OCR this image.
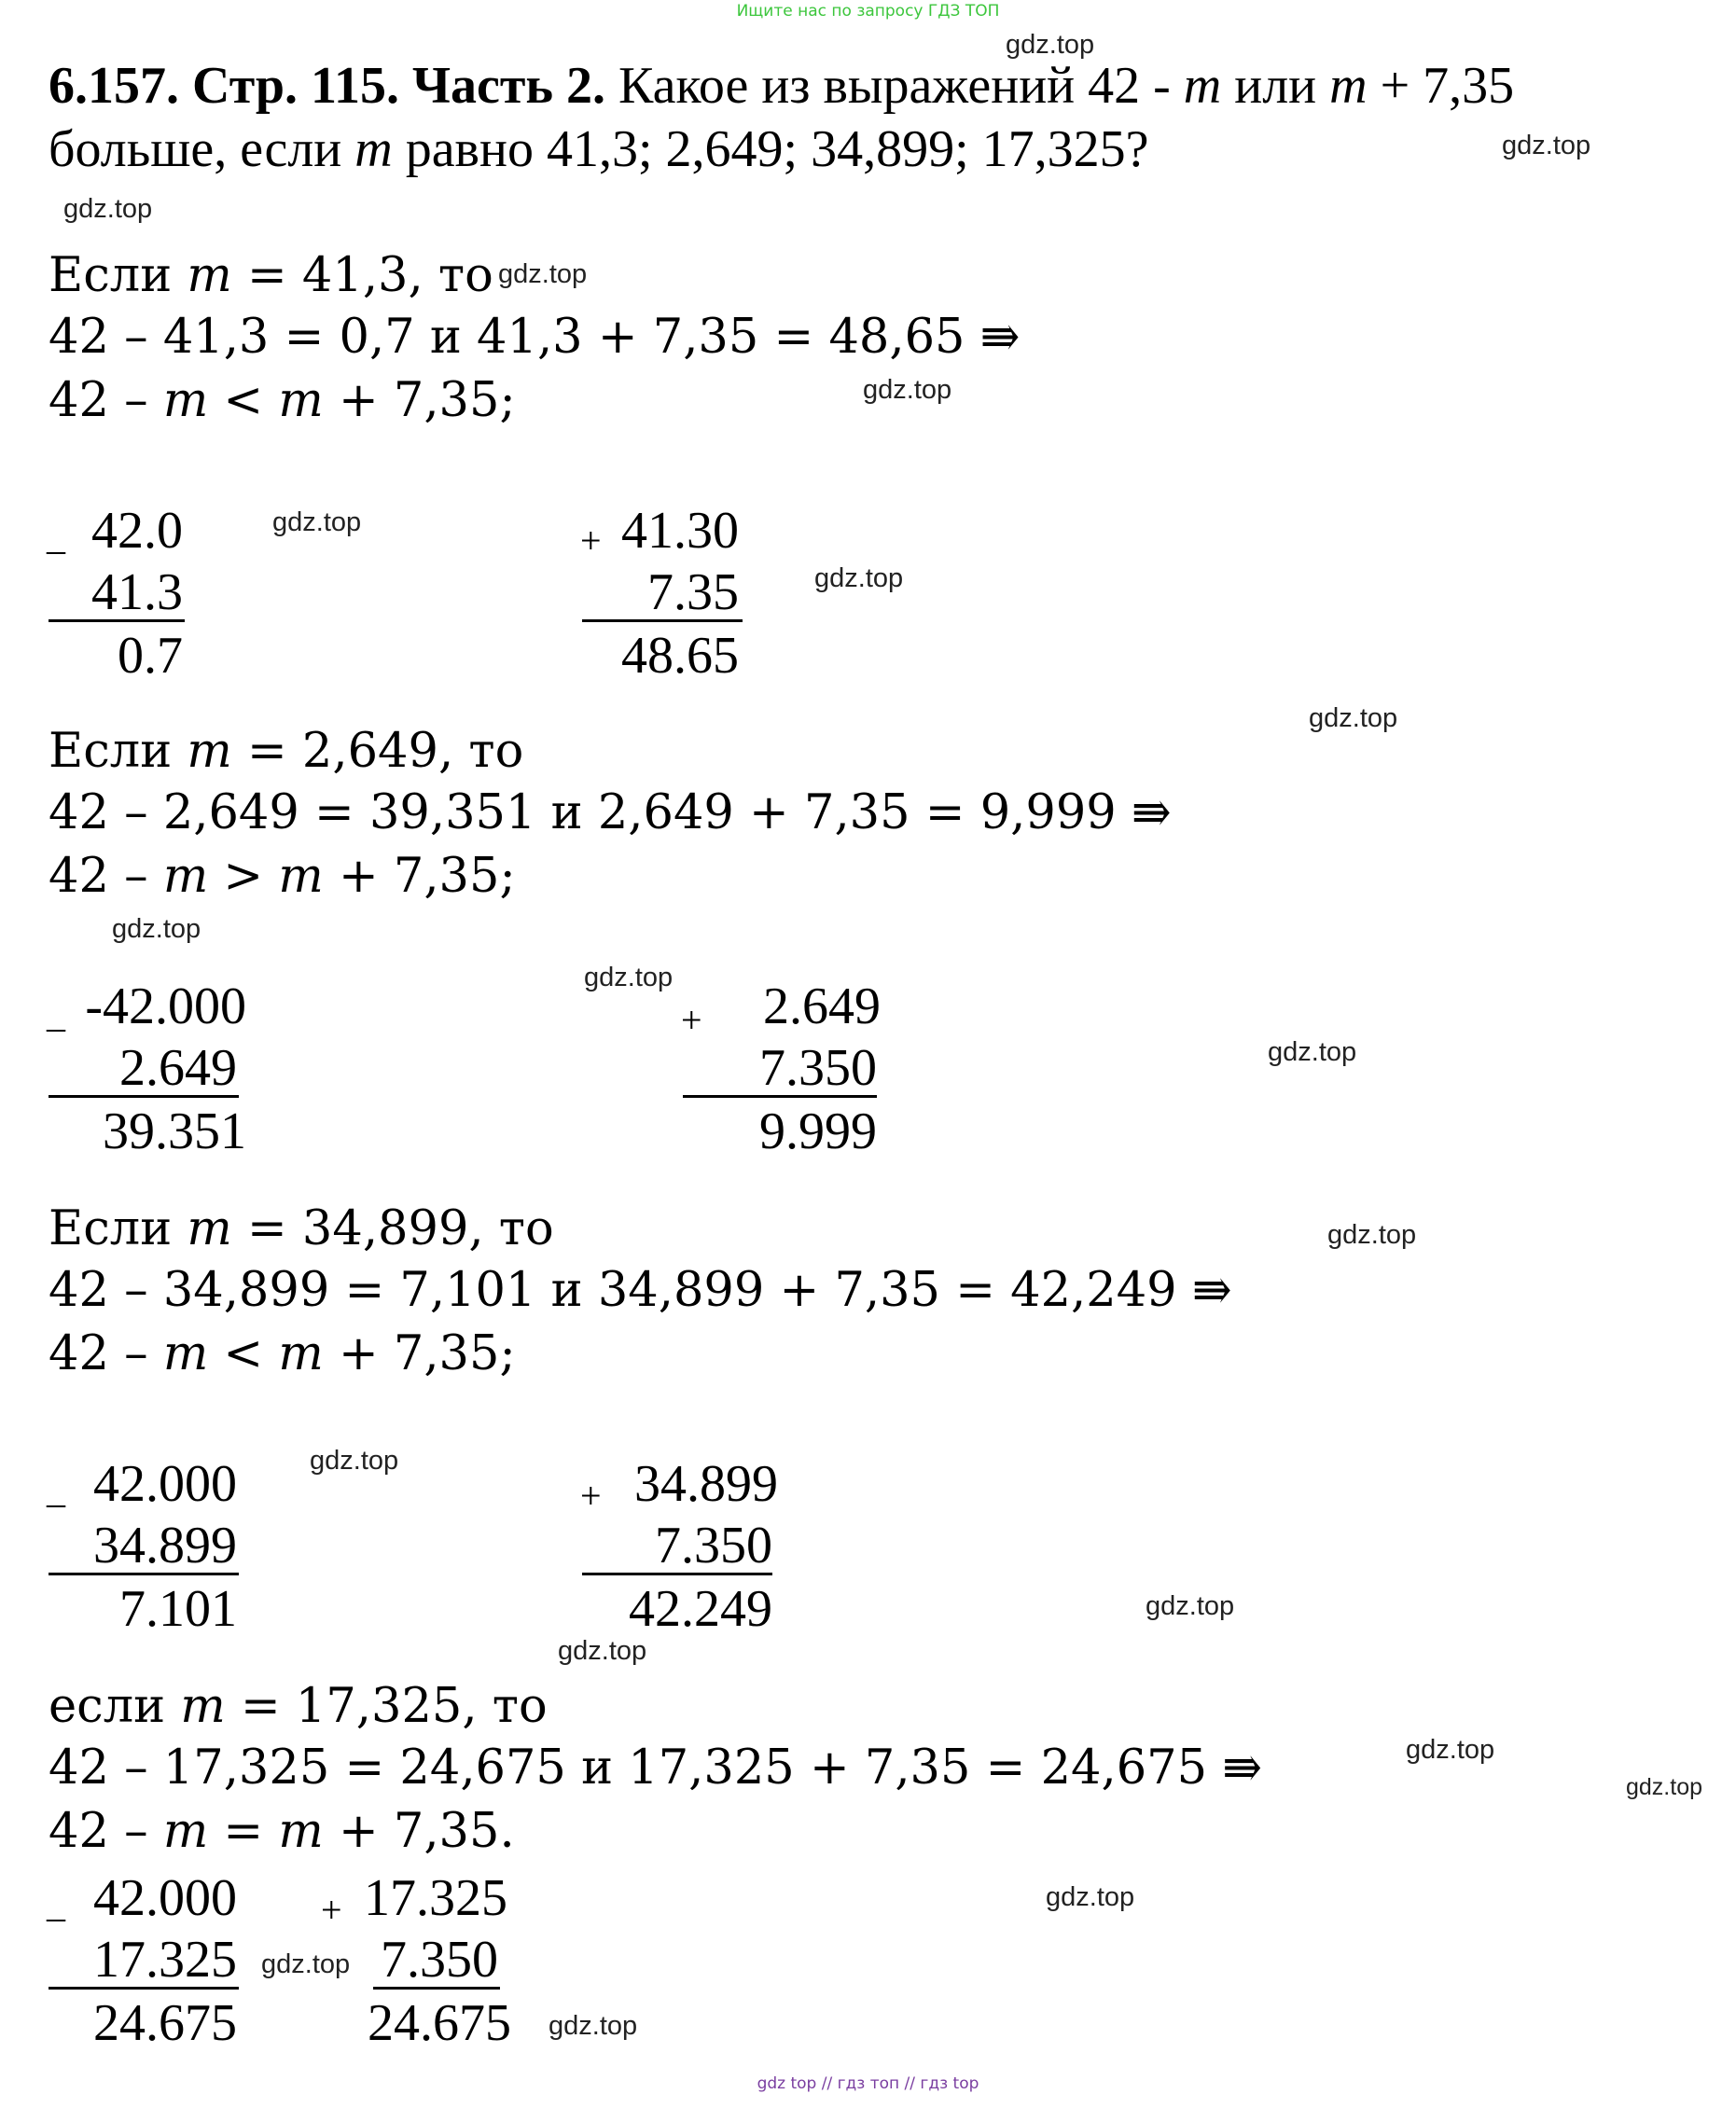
Ищите нас по запросу ГДЗ ТОП
gdz top // гдз топ // гдз top
gdz.top
gdz.top
gdz.top
gdz.top
gdz.top
gdz.top
gdz.top
gdz.top
gdz.top
gdz.top
gdz.top
gdz.top
gdz.top
gdz.top
gdz.top
gdz.top
gdz.top
gdz.top
gdz.top
gdz.top
6.157. Стр. 115. Часть 2. Какое из выражений 42 - m или m + 7,35 больше, если m равно 41,3; 2,649; 34,899; 17,325?
Если m = 41,3, то
42 – 41,3 = 0,7 и 41,3 + 7,35 = 48,65 ⇛
42 – m < m + 7,35;
_ 42.0
41.3
0.7
+ 41.30
7.35
48.65
Если m = 2,649, то
42 – 2,649 = 39,351 и 2,649 + 7,35 = 9,999 ⇛
42 – m > m + 7,35;
_ -42.000
2.649
39.351
+	2.649
7.350
9.999
Если m = 34,899, то
42 – 34,899 = 7,101 и 34,899 + 7,35 = 42,249 ⇛
42 – m < m + 7,35;
_ 42.000
34.899
7.101
+ 34.899
7.350
42.249
если m = 17,325, то
42 – 17,325 = 24,675 и 17,325 + 7,35 = 24,675 ⇛
42 – m = m + 7,35.
_ 42.000
17.325
24.675
+ 17.325
7.350
24.675
